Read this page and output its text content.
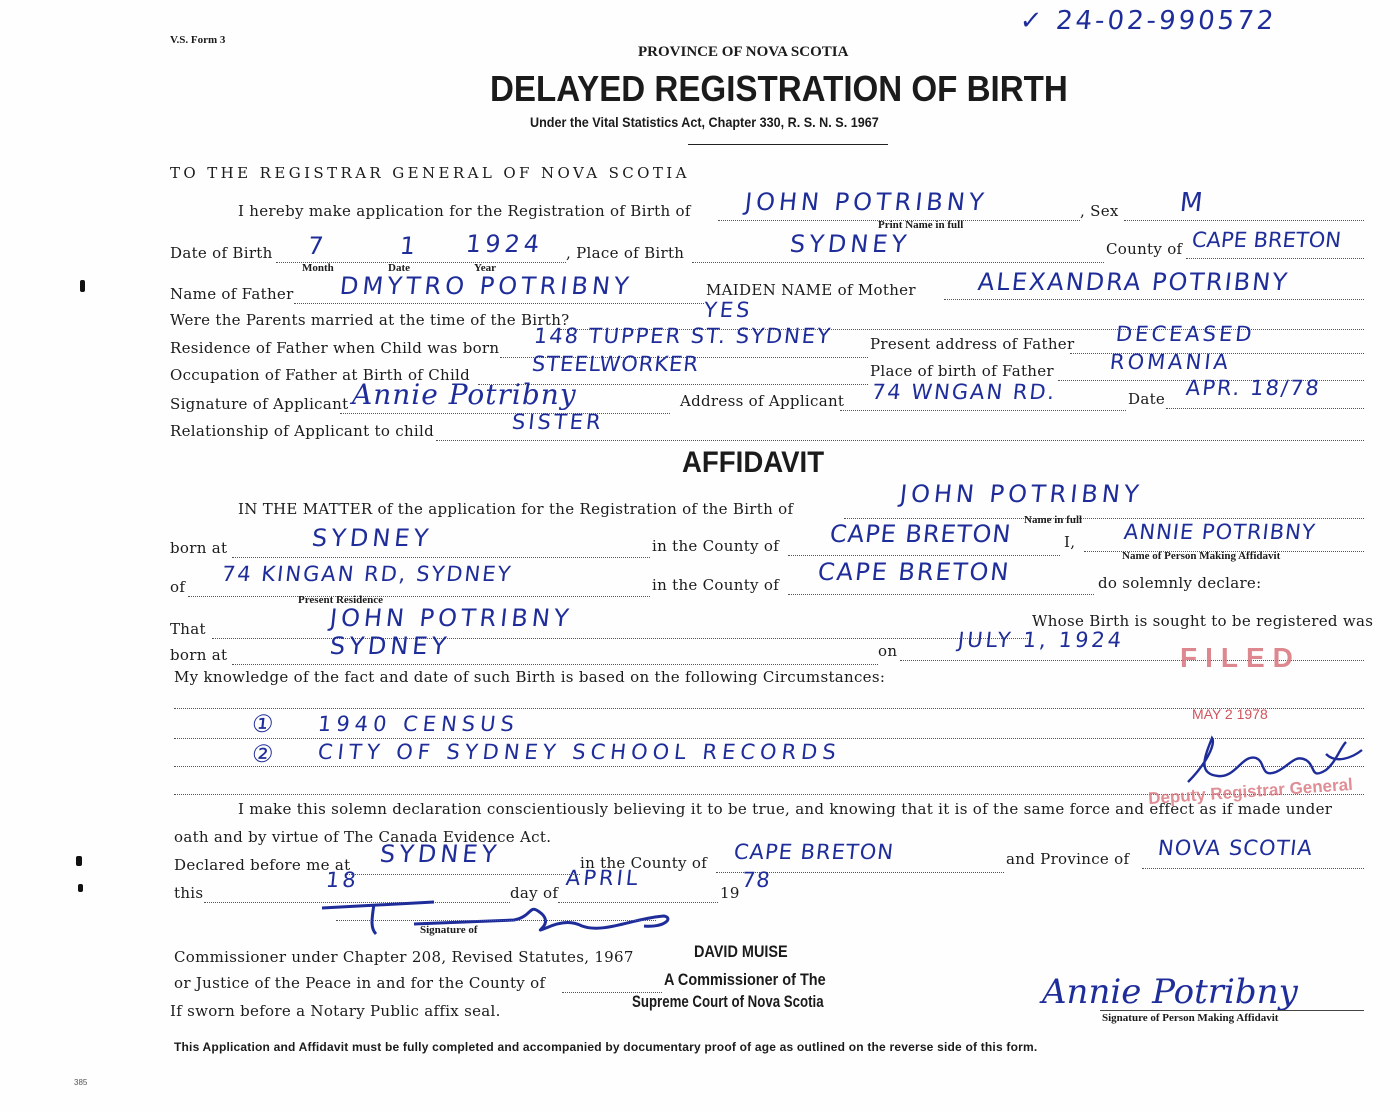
V.S. Form 3
✓ 24-02-990572
PROVINCE OF NOVA SCOTIA
DELAYED REGISTRATION OF BIRTH
Under the Vital Statistics Act, Chapter 330, R. S. N. S. 1967
TO THE REGISTRAR GENERAL OF NOVA SCOTIA
I hereby make application for the Registration of Birth of JOHN POTRIBNY
Print Name in full
, Sex M
Date of Birth 7	1 1924
Month	Date	Year
, Place of Birth	SYDNEY	County of CAPE BRETON
Name of Father DMYTRO POTRIBNY	MAIDEN NAME of Mother	ALEXANDRA POTRIBNY
Were the Parents married at the time of the Birth?	YES
Residence of Father when Child was born 148 TUPPER ST. SYDNEY Present address of Father DECEASED
Occupation of Father at Birth of Child	STEELWORKER	Place of birth of Father	ROMANIA
Signature of Applicant Annie Potribny	Address of Applicant 74 WNGAN RD.	Date APR. 18/78
Relationship of Applicant to child	SISTER
AFFIDAVIT
IN THE MATTER of the application for the Registration of the Birth of
JOHN POTRIBNY
Name in full
born at	SYDNEY	in the County of CAPE BRETON	I, ANNIE POTRIBNY
Name of Person Making Affidavit
of
74 KINGAN RD, SYDNEY
Present Residence
in the County of CAPE BRETON	do solemnly declare:
That	JOHN POTRIBNY	Whose Birth is sought to be registered was
born at	SYDNEY	on	JULY 1, 1924
My knowledge of the fact and date of such Birth is based on the following Circumstances:
① 1940 CENSUS
② CITY OF SYDNEY SCHOOL RECORDS
FILED
MAY 2 1978
Deputy Registrar General
I make this solemn declaration conscientiously believing it to be true, and knowing that it is of the same force and effect as if made under
oath and by virtue of The Canada Evidence Act.
Declared before me at SYDNEY	in the County of CAPE BRETON	and Province of NOVA SCOTIA
this
18
day of
APRIL
19
78
Signature of
Commissioner under Chapter 208, Revised Statutes, 1967
or Justice of the Peace in and for the County of
If sworn before a Notary Public affix seal.
DAVID MUISE
A Commissioner of The
Supreme Court of Nova Scotia	Annie Potribny
Signature of Person Making Affidavit
This Application and Affidavit must be fully completed and accompanied by documentary proof of age as outlined on the reverse side of this form.
385
